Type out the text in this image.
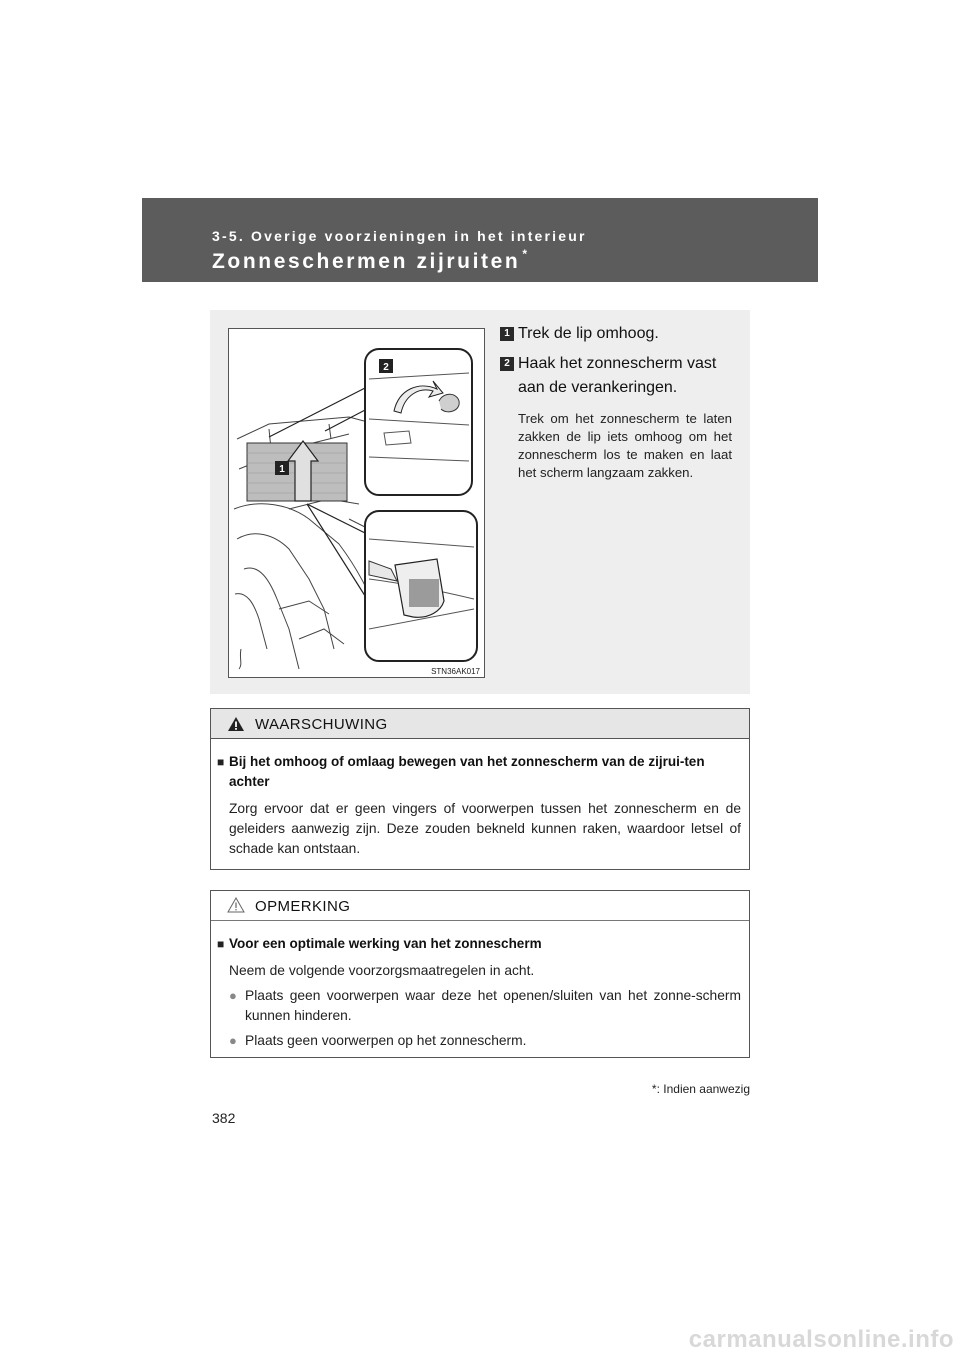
3-5. Overige voorzieningen in het interieur
Zonneschermen zijruiten *
2
1
STN36AK017
1 Trek de lip omhoog.
2 Haak het zonnescherm vast aan de verankeringen.
Trek om het zonnescherm te laten zakken de lip iets omhoog om het zonnescherm los te maken en laat het scherm langzaam zakken.
WAARSCHUWING
■ Bij het omhoog of omlaag bewegen van het zonnescherm van de zijrui-ten achter
Zorg ervoor dat er geen vingers of voorwerpen tussen het zonnescherm en de geleiders aanwezig zijn. Deze zouden bekneld kunnen raken, waardoor letsel of schade kan ontstaan.
OPMERKING
■ Voor een optimale werking van het zonnescherm
Neem de volgende voorzorgsmaatregelen in acht.
● Plaats geen voorwerpen waar deze het openen/sluiten van het zonne-scherm kunnen hinderen.
● Plaats geen voorwerpen op het zonnescherm.
*: Indien aanwezig
382
carmanualsonline.info
